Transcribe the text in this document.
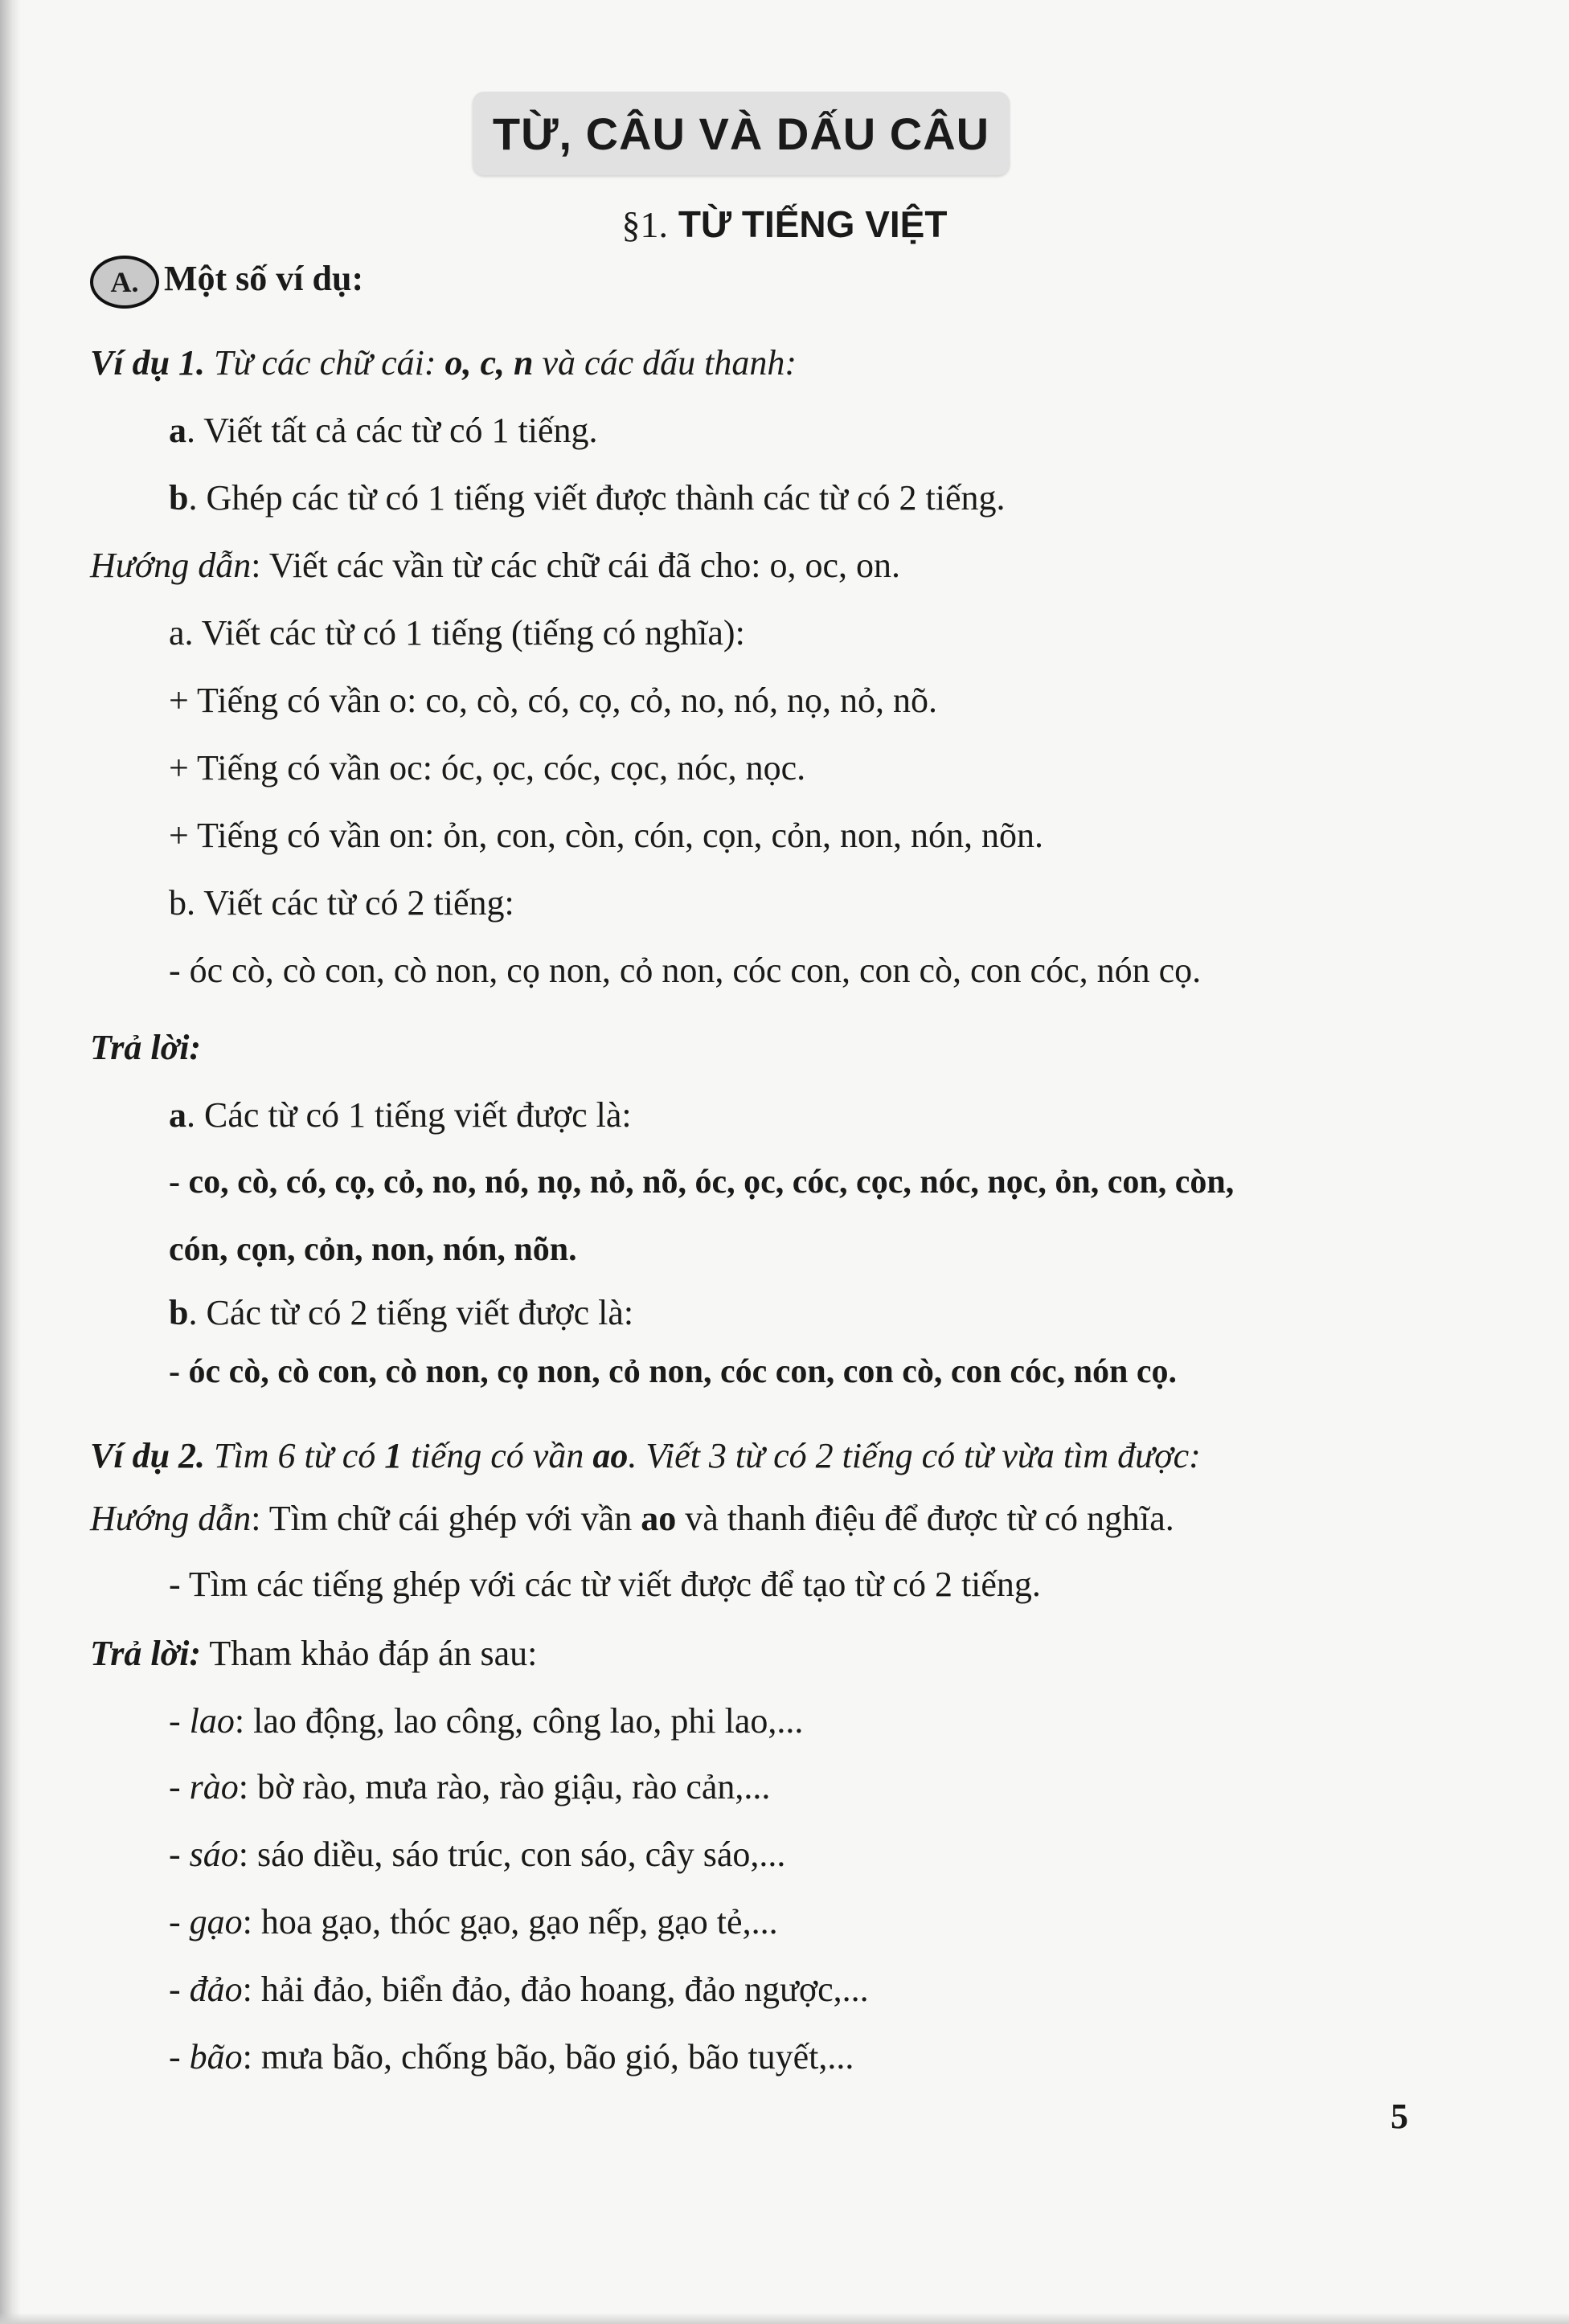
TỪ, CÂU VÀ DẤU CÂU
§1. TỪ TIẾNG VIỆT
A. Một số ví dụ:
Ví dụ 1. Từ các chữ cái: o, c, n và các dấu thanh:
a. Viết tất cả các từ có 1 tiếng.
b. Ghép các từ có 1 tiếng viết được thành các từ có 2 tiếng.
Hướng dẫn: Viết các vần từ các chữ cái đã cho: o, oc, on.
a. Viết các từ có 1 tiếng (tiếng có nghĩa):
+ Tiếng có vần o: co, cò, có, cọ, cỏ, no, nó, nọ, nỏ, nõ.
+ Tiếng có vần oc: óc, ọc, cóc, cọc, nóc, nọc.
+ Tiếng có vần on: ỏn, con, còn, cón, cọn, cỏn, non, nón, nõn.
b. Viết các từ có 2 tiếng:
- óc cò, cò con, cò non, cọ non, cỏ non, cóc con, con cò, con cóc, nón cọ.
Trả lời:
a. Các từ có 1 tiếng viết được là:
- co, cò, có, cọ, cỏ, no, nó, nọ, nỏ, nõ, óc, ọc, cóc, cọc, nóc, nọc, ỏn, con, còn,
cón, cọn, cỏn, non, nón, nõn.
b. Các từ có 2 tiếng viết được là:
- óc cò, cò con, cò non, cọ non, cỏ non, cóc con, con cò, con cóc, nón cọ.
Ví dụ 2. Tìm 6 từ có 1 tiếng có vần ao. Viết 3 từ có 2 tiếng có từ vừa tìm được:
Hướng dẫn: Tìm chữ cái ghép với vần ao và thanh điệu để được từ có nghĩa.
- Tìm các tiếng ghép với các từ viết được để tạo từ có 2 tiếng.
Trả lời: Tham khảo đáp án sau:
- lao: lao động, lao công, công lao, phi lao,...
- rào: bờ rào, mưa rào, rào giậu, rào cản,...
- sáo: sáo diều, sáo trúc, con sáo, cây sáo,...
- gạo: hoa gạo, thóc gạo, gạo nếp, gạo tẻ,...
- đảo: hải đảo, biển đảo, đảo hoang, đảo ngược,...
- bão: mưa bão, chống bão, bão gió, bão tuyết,...
5
